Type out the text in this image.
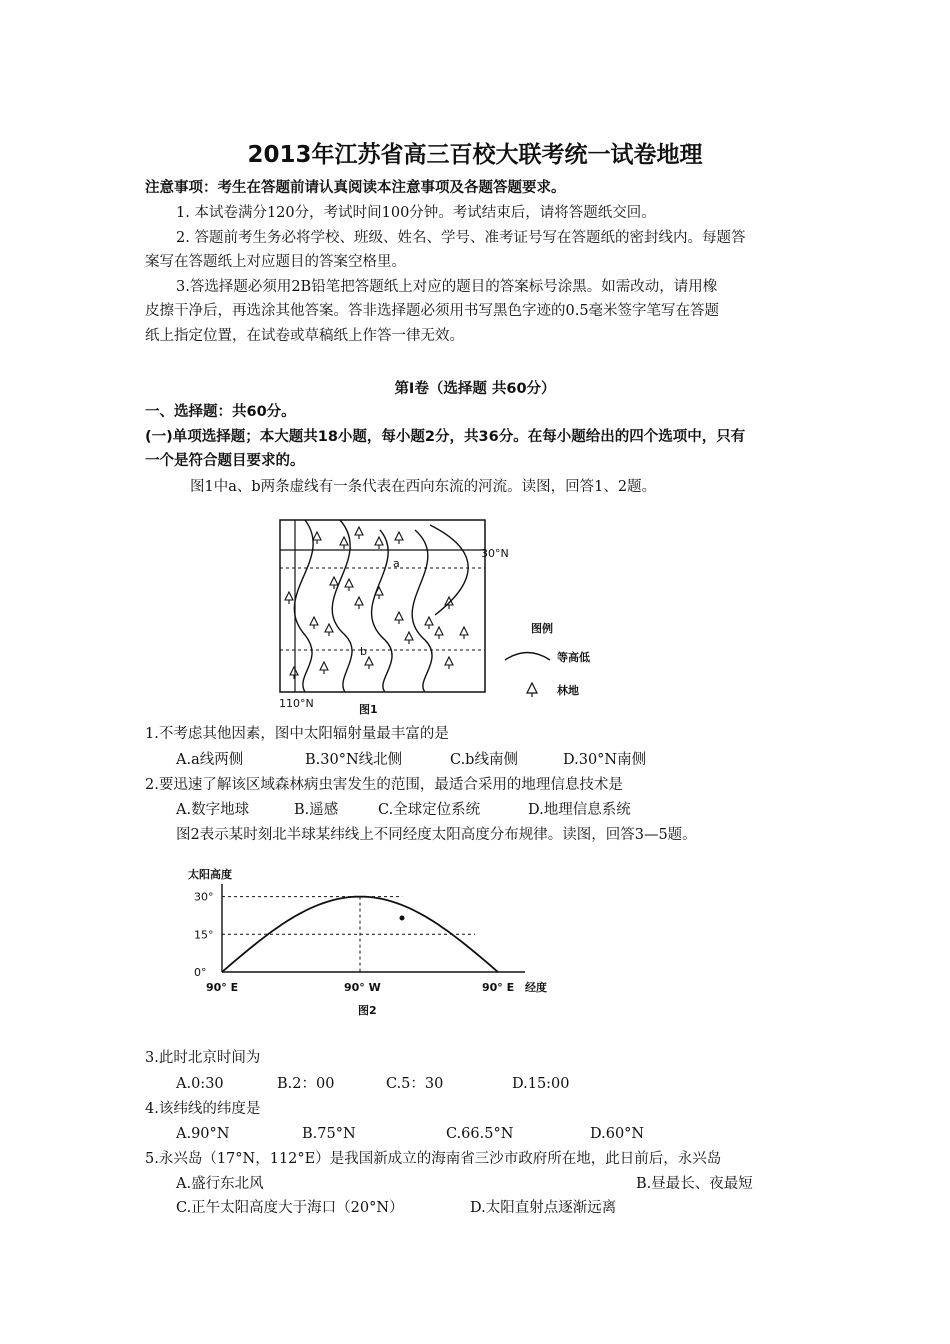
2013年江苏省高三百校大联考统一试卷地理
注意事项：考生在答题前请认真阅读本注意事项及各题答题要求。
1. 本试卷满分120分，考试时间100分钟。考试结束后，请将答题纸交回。
2. 答题前考生务必将学校、班级、姓名、学号、准考证号写在答题纸的密封线内。每题答
案写在答题纸上对应题目的答案空格里。
3.答选择题必须用2B铅笔把答题纸上对应的题目的答案标号涂黑。如需改动，请用橡
皮擦干净后，再选涂其他答案。答非选择题必须用书写黑色字迹的0.5毫米签字笔写在答题
纸上指定位置，在试卷或草稿纸上作答一律无效。
第Ⅰ卷（选择题 共60分）
一、选择题：共60分。
(一)单项选择题；本大题共18小题，每小题2分，共36分。在每小题给出的四个选项中，只有
一个是符合题目要求的。
图1中a、b两条虚线有一条代表在西向东流的河流。读图，回答1、2题。
30°N
a
b
110°N	图1
图例
等高低
林地
1.不考虑其他因素，图中太阳辐射量最丰富的是
A.a线两侧	B.30°N线北侧	C.b线南侧	D.30°N南侧
2.要迅速了解该区域森林病虫害发生的范围，最适合采用的地理信息技术是
A.数字地球	B.遥感	C.全球定位系统	D.地理信息系统
图2表示某时刻北半球某纬线上不同经度太阳高度分布规律。读图，回答3—5题。
太阳高度
0°
15°
30°
90° E	90° W	90° E 经度
图2
3.此时北京时间为
A.0:30	B.2：00	C.5：30	D.15:00
4.该纬线的纬度是
A.90°N	B.75°N	C.66.5°N	D.60°N
5.永兴岛（17°N，112°E）是我国新成立的海南省三沙市政府所在地，此日前后，永兴岛
A.盛行东北风	B.昼最长、夜最短
C.正午太阳高度大于海口（20°N）	D.太阳直射点逐渐远离
